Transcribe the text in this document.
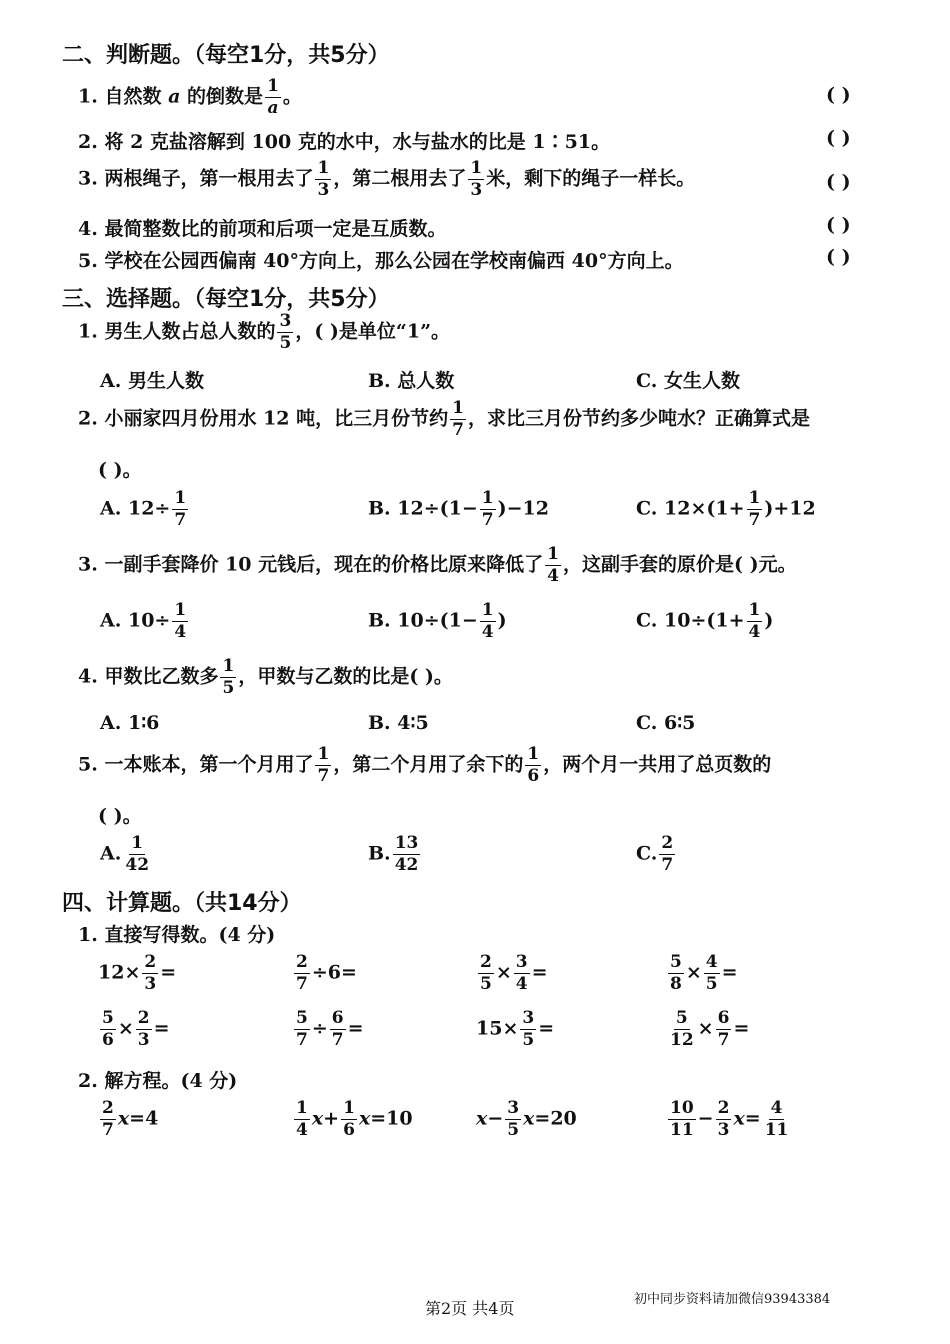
二、判断题。（每空1分，共5分）
1. 自然数 a 的倒数是 $\frac{1}{a}$ 。	( )
2. 将 2 克盐溶解到 100 克的水中，水与盐水的比是 1∶51。	( )
3. 两根绳子，第一根用去了 $\frac{1}{3}$ ，第二根用去了 $\frac{1}{3}$ 米，剩下的绳子一样长。	( )
4. 最简整数比的前项和后项一定是互质数。	( )
5. 学校在公园西偏南 40°方向上，那么公园在学校南偏西 40°方向上。	( )
三、选择题。（每空1分，共5分）
1. 男生人数占总人数的 $\frac{3}{5}$ ，( )是单位“1”。
A. 男生人数	B. 总人数	C. 女生人数
2. 小丽家四月份用水 12 吨，比三月份节约 $\frac{1}{7}$ ，求比三月份节约多少吨水？正确算式是
( )。
A. $12\div \frac{1}{7}$	B. $12\div(1- \frac{1}{7} )-12$	C. $12\times(1+ \frac{1}{7} )+12$
3. 一副手套降价 10 元钱后，现在的价格比原来降低了 $\frac{1}{4}$ ，这副手套的原价是( )元。
A. $10\div \frac{1}{4}$	B. $10\div(1- \frac{1}{4}$ )	C. $10\div(1+ \frac{1}{4}$ )
4. 甲数比乙数多 $\frac{1}{5}$ ，甲数与乙数的比是( )。
A. 1∶6	B. 4∶5	C. 6∶5
5. 一本账本，第一个月用了 $\frac{1}{7}$ ，第二个月用了余下的 $\frac{1}{6}$ ，两个月一共用了总页数的
( )。
A. $\frac{1}{42}$	B. $\frac{13}{42}$	C. $\frac{2}{7}$
四、计算题。（共14分）
1. 直接写得数。(4 分)
$12\times \frac{2}{3}$ =	$\frac{2}{7} \div 6=$	$\frac{2}{5} \times \frac{3}{4}$ =	$\frac{5}{8} \times \frac{4}{5}$ =
$\frac{5}{6} \times \frac{2}{3}$ =	$\frac{5}{7} \div \frac{6}{7}$ =	$15\times \frac{3}{5}$ =	$\frac{5}{12} \times \frac{6}{7}$ =
2. 解方程。(4 分)
$\frac{2}{7} x=4$	$\frac{1}{4} x+ \frac{1}{6} x=10$	$x- \frac{3}{5} x=20$	$\frac{10}{11} - \frac{2}{3} x= \frac{4}{11}$
第2页 共4页	初中同步资料请加微信93943384
